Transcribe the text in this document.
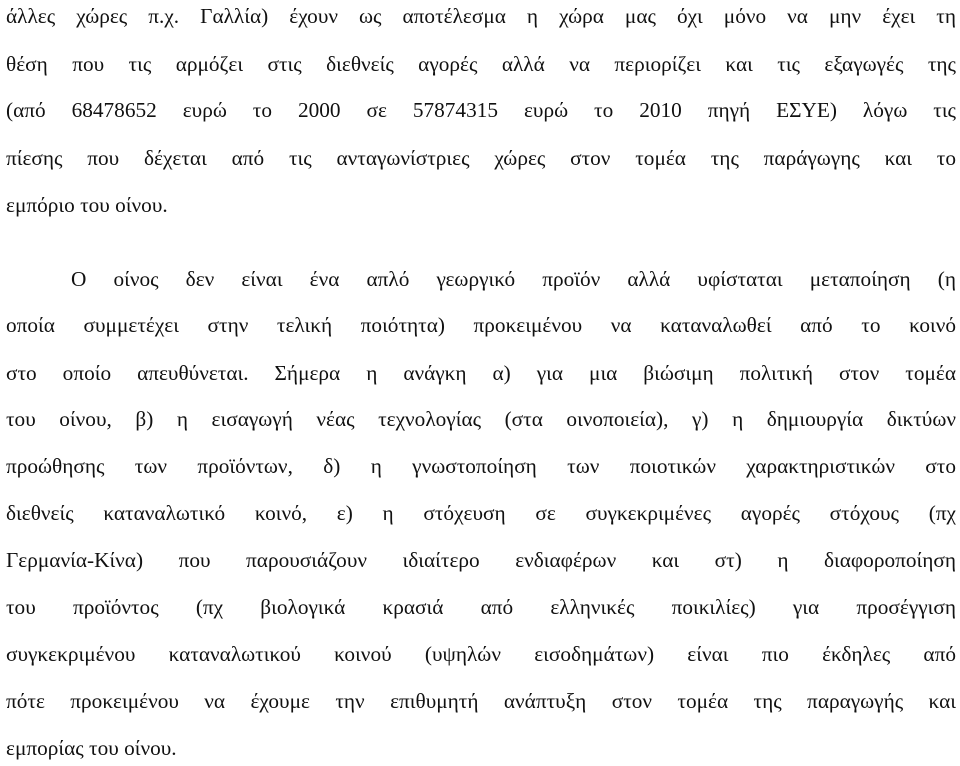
άλλες χώρες π.χ. Γαλλία) έχουν ως αποτέλεσμα η χώρα μας όχι μόνο να μην έχει τη
θέση που τις αρμόζει στις διεθνείς αγορές αλλά να περιορίζει και τις εξαγωγές της
(από 68478652 ευρώ το 2000 σε 57874315 ευρώ το 2010 πηγή ΕΣΥΕ) λόγω τις
πίεσης που δέχεται από τις ανταγωνίστριες χώρες στον τομέα της παράγωγης και το
εμπόριο του οίνου.
Ο οίνος δεν είναι ένα απλό γεωργικό προϊόν αλλά υφίσταται μεταποίηση (η
οποία συμμετέχει στην τελική ποιότητα) προκειμένου να καταναλωθεί από το κοινό
στο οποίο απευθύνεται. Σήμερα η ανάγκη α) για μια βιώσιμη πολιτική στον τομέα
του οίνου, β) η εισαγωγή νέας τεχνολογίας (στα οινοποιεία), γ) η δημιουργία δικτύων
προώθησης των προϊόντων, δ) η γνωστοποίηση των ποιοτικών χαρακτηριστικών στο
διεθνείς καταναλωτικό κοινό, ε) η στόχευση σε συγκεκριμένες αγορές στόχους (πχ
Γερμανία-Κίνα) που παρουσιάζουν ιδιαίτερο ενδιαφέρων και στ) η διαφοροποίηση
του προϊόντος (πχ βιολογικά κρασιά από ελληνικές ποικιλίες) για προσέγγιση
συγκεκριμένου καταναλωτικού κοινού (υψηλών εισοδημάτων) είναι πιο έκδηλες από
πότε προκειμένου να έχουμε την επιθυμητή ανάπτυξη στον τομέα της παραγωγής και
εμπορίας του οίνου.
